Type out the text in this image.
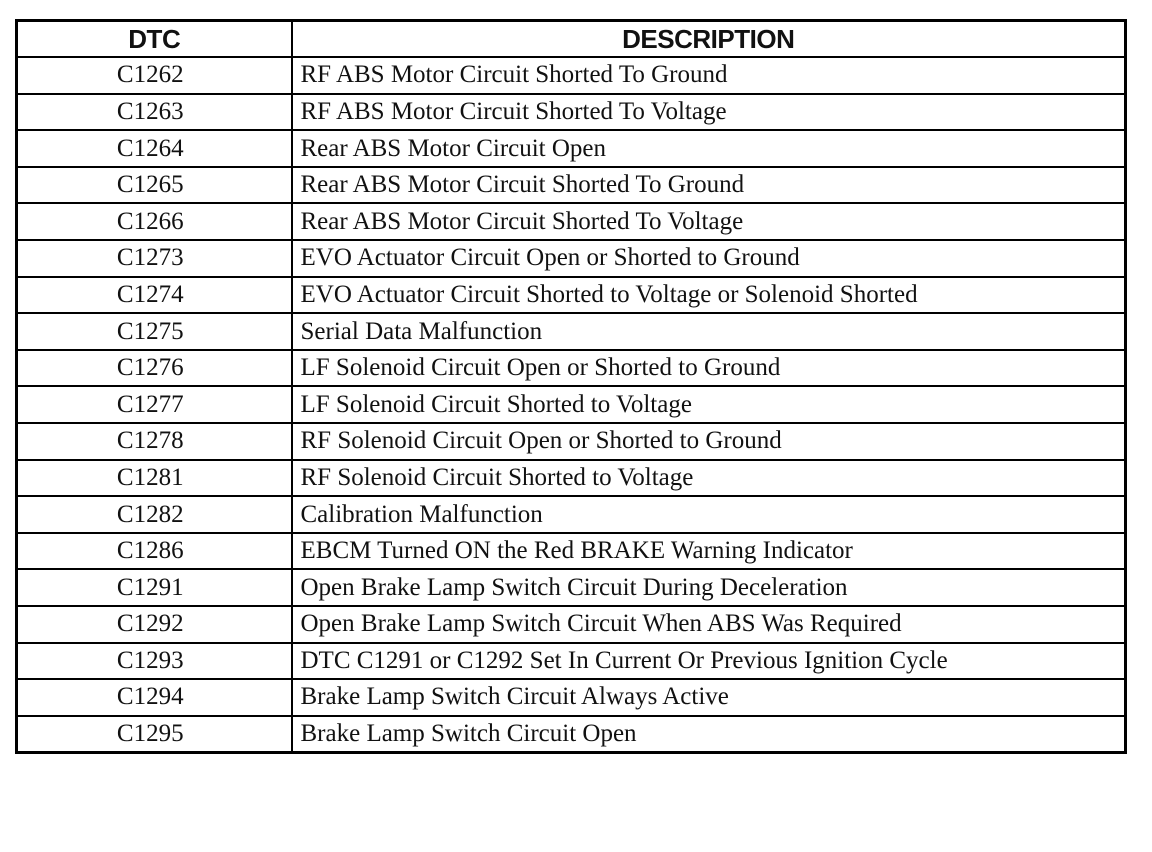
DTC	DESCRIPTION
C1262	RF ABS Motor Circuit Shorted To Ground
C1263	RF ABS Motor Circuit Shorted To Voltage
C1264	Rear ABS Motor Circuit Open
C1265	Rear ABS Motor Circuit Shorted To Ground
C1266	Rear ABS Motor Circuit Shorted To Voltage
C1273	EVO Actuator Circuit Open or Shorted to Ground
C1274	EVO Actuator Circuit Shorted to Voltage or Solenoid Shorted
C1275	Serial Data Malfunction
C1276	LF Solenoid Circuit Open or Shorted to Ground
C1277	LF Solenoid Circuit Shorted to Voltage
C1278	RF Solenoid Circuit Open or Shorted to Ground
C1281	RF Solenoid Circuit Shorted to Voltage
C1282	Calibration Malfunction
C1286	EBCM Turned ON the Red BRAKE Warning Indicator
C1291	Open Brake Lamp Switch Circuit During Deceleration
C1292	Open Brake Lamp Switch Circuit When ABS Was Required
C1293	DTC C1291 or C1292 Set In Current Or Previous Ignition Cycle
C1294	Brake Lamp Switch Circuit Always Active
C1295	Brake Lamp Switch Circuit Open
